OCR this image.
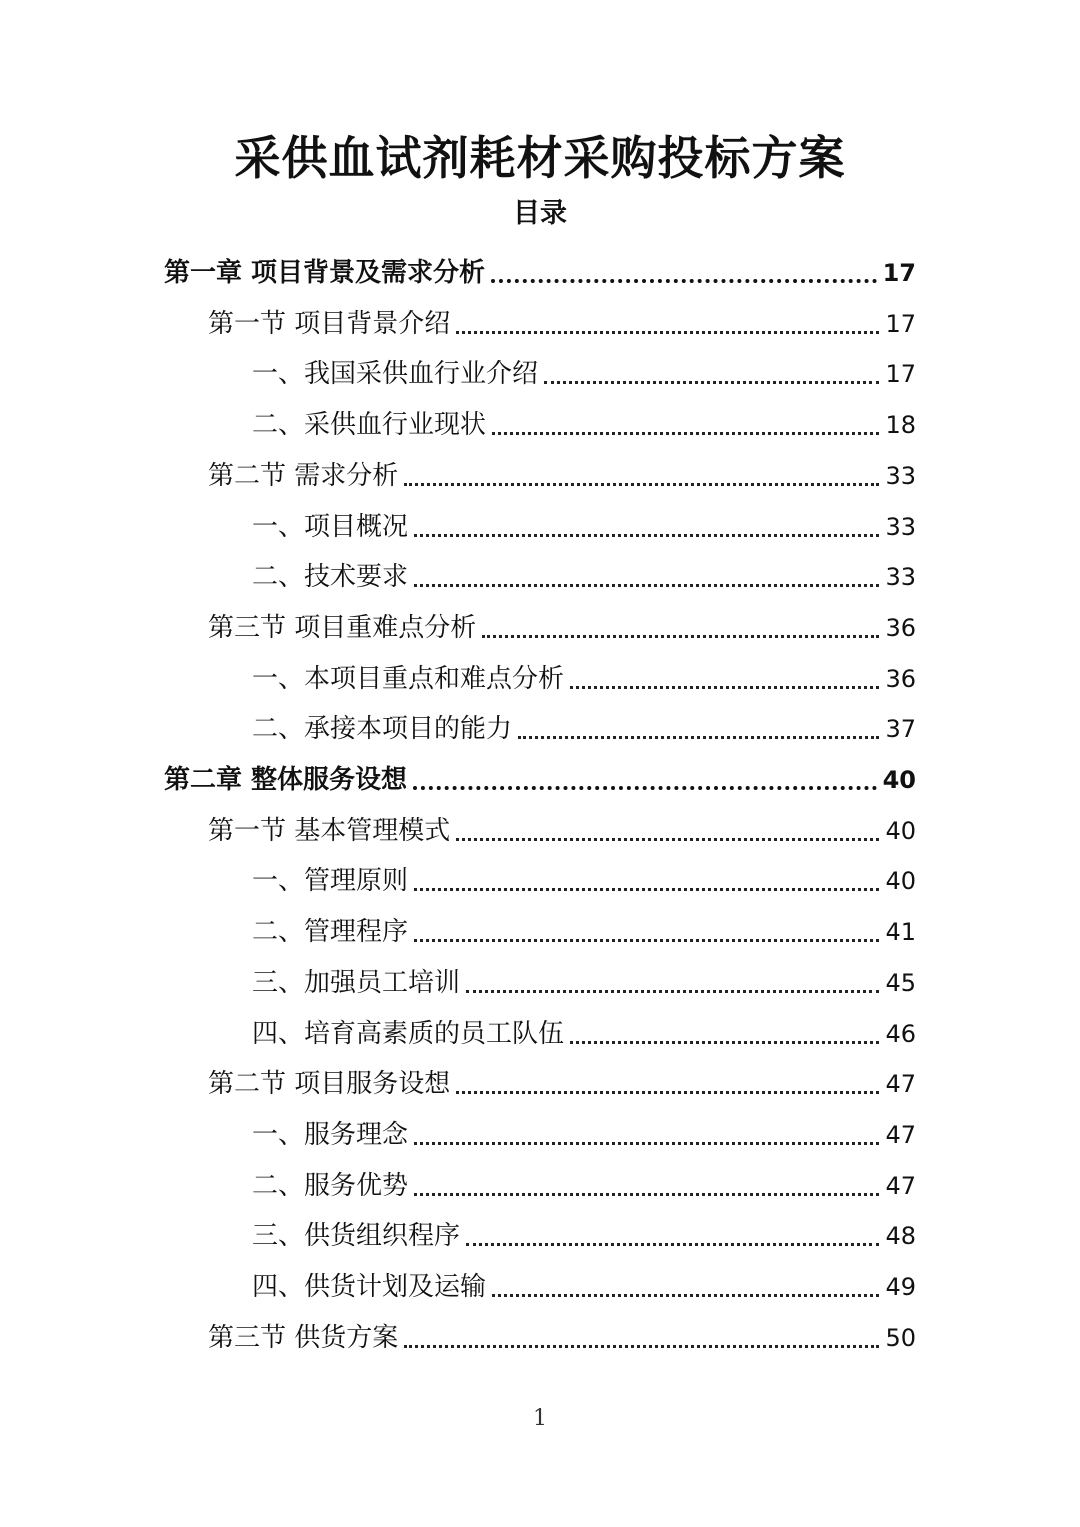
采供血试剂耗材采购投标方案
目录
第一章 项目背景及需求分析	17
第一节 项目背景介绍	17
一、我国采供血行业介绍	17
二、采供血行业现状	18
第二节 需求分析	33
一、项目概况	33
二、技术要求	33
第三节 项目重难点分析	36
一、本项目重点和难点分析	36
二、承接本项目的能力	37
第二章 整体服务设想	40
第一节 基本管理模式	40
一、管理原则	40
二、管理程序	41
三、加强员工培训	45
四、培育高素质的员工队伍	46
第二节 项目服务设想	47
一、服务理念	47
二、服务优势	47
三、供货组织程序	48
四、供货计划及运输	49
第三节 供货方案	50
1
